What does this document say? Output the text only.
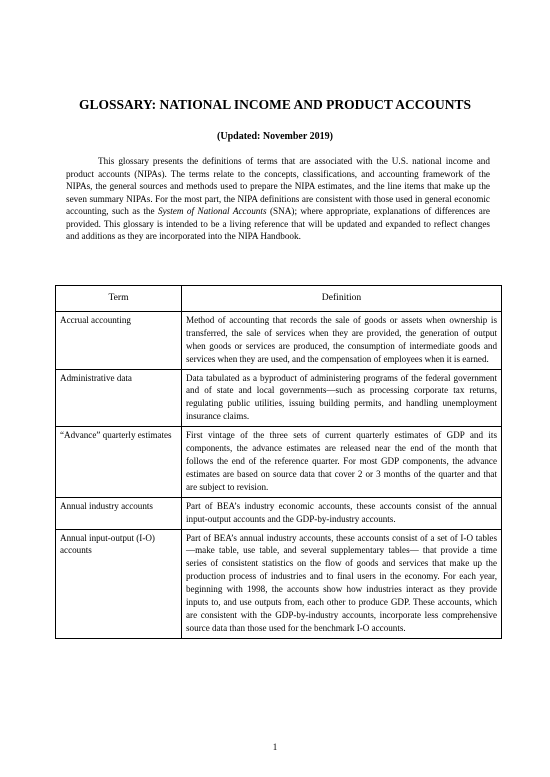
GLOSSARY: NATIONAL INCOME AND PRODUCT ACCOUNTS
(Updated: November 2019)

This glossary presents the definitions of terms that are associated with the U.S. national income and product accounts (NIPAs). The terms relate to the concepts, classifications, and accounting framework of the NIPAs, the general sources and methods used to prepare the NIPA estimates, and the line items that make up the seven summary NIPAs. For the most part, the NIPA definitions are consistent with those used in general economic accounting, such as the System of National Accounts (SNA); where appropriate, explanations of differences are provided. This glossary is intended to be a living reference that will be updated and expanded to reflect changes and additions as they are incorporated into the NIPA Handbook.

Term	Definition
Accrual accounting	Method of accounting that records the sale of goods or assets when ownership is transferred, the sale of services when they are provided, the generation of output when goods or services are produced, the consumption of intermediate goods and services when they are used, and the compensation of employees when it is earned.
Administrative data	Data tabulated as a byproduct of administering programs of the federal government and of state and local governments—such as processing corporate tax returns, regulating public utilities, issuing building permits, and handling unemployment insurance claims.
“Advance” quarterly estimates	First vintage of the three sets of current quarterly estimates of GDP and its components, the advance estimates are released near the end of the month that follows the end of the reference quarter. For most GDP components, the advance estimates are based on source data that cover 2 or 3 months of the quarter and that are subject to revision.
Annual industry accounts	Part of BEA’s industry economic accounts, these accounts consist of the annual input-output accounts and the GDP-by-industry accounts.
Annual input-output (I-O) accounts	Part of BEA’s annual industry accounts, these accounts consist of a set of I-O tables—make table, use table, and several supplementary tables— that provide a time series of consistent statistics on the flow of goods and services that make up the production process of industries and to final users in the economy. For each year, beginning with 1998, the accounts show how industries interact as they provide inputs to, and use outputs from, each other to produce GDP. These accounts, which are consistent with the GDP-by-industry accounts, incorporate less comprehensive source data than those used for the benchmark I-O accounts.
1
